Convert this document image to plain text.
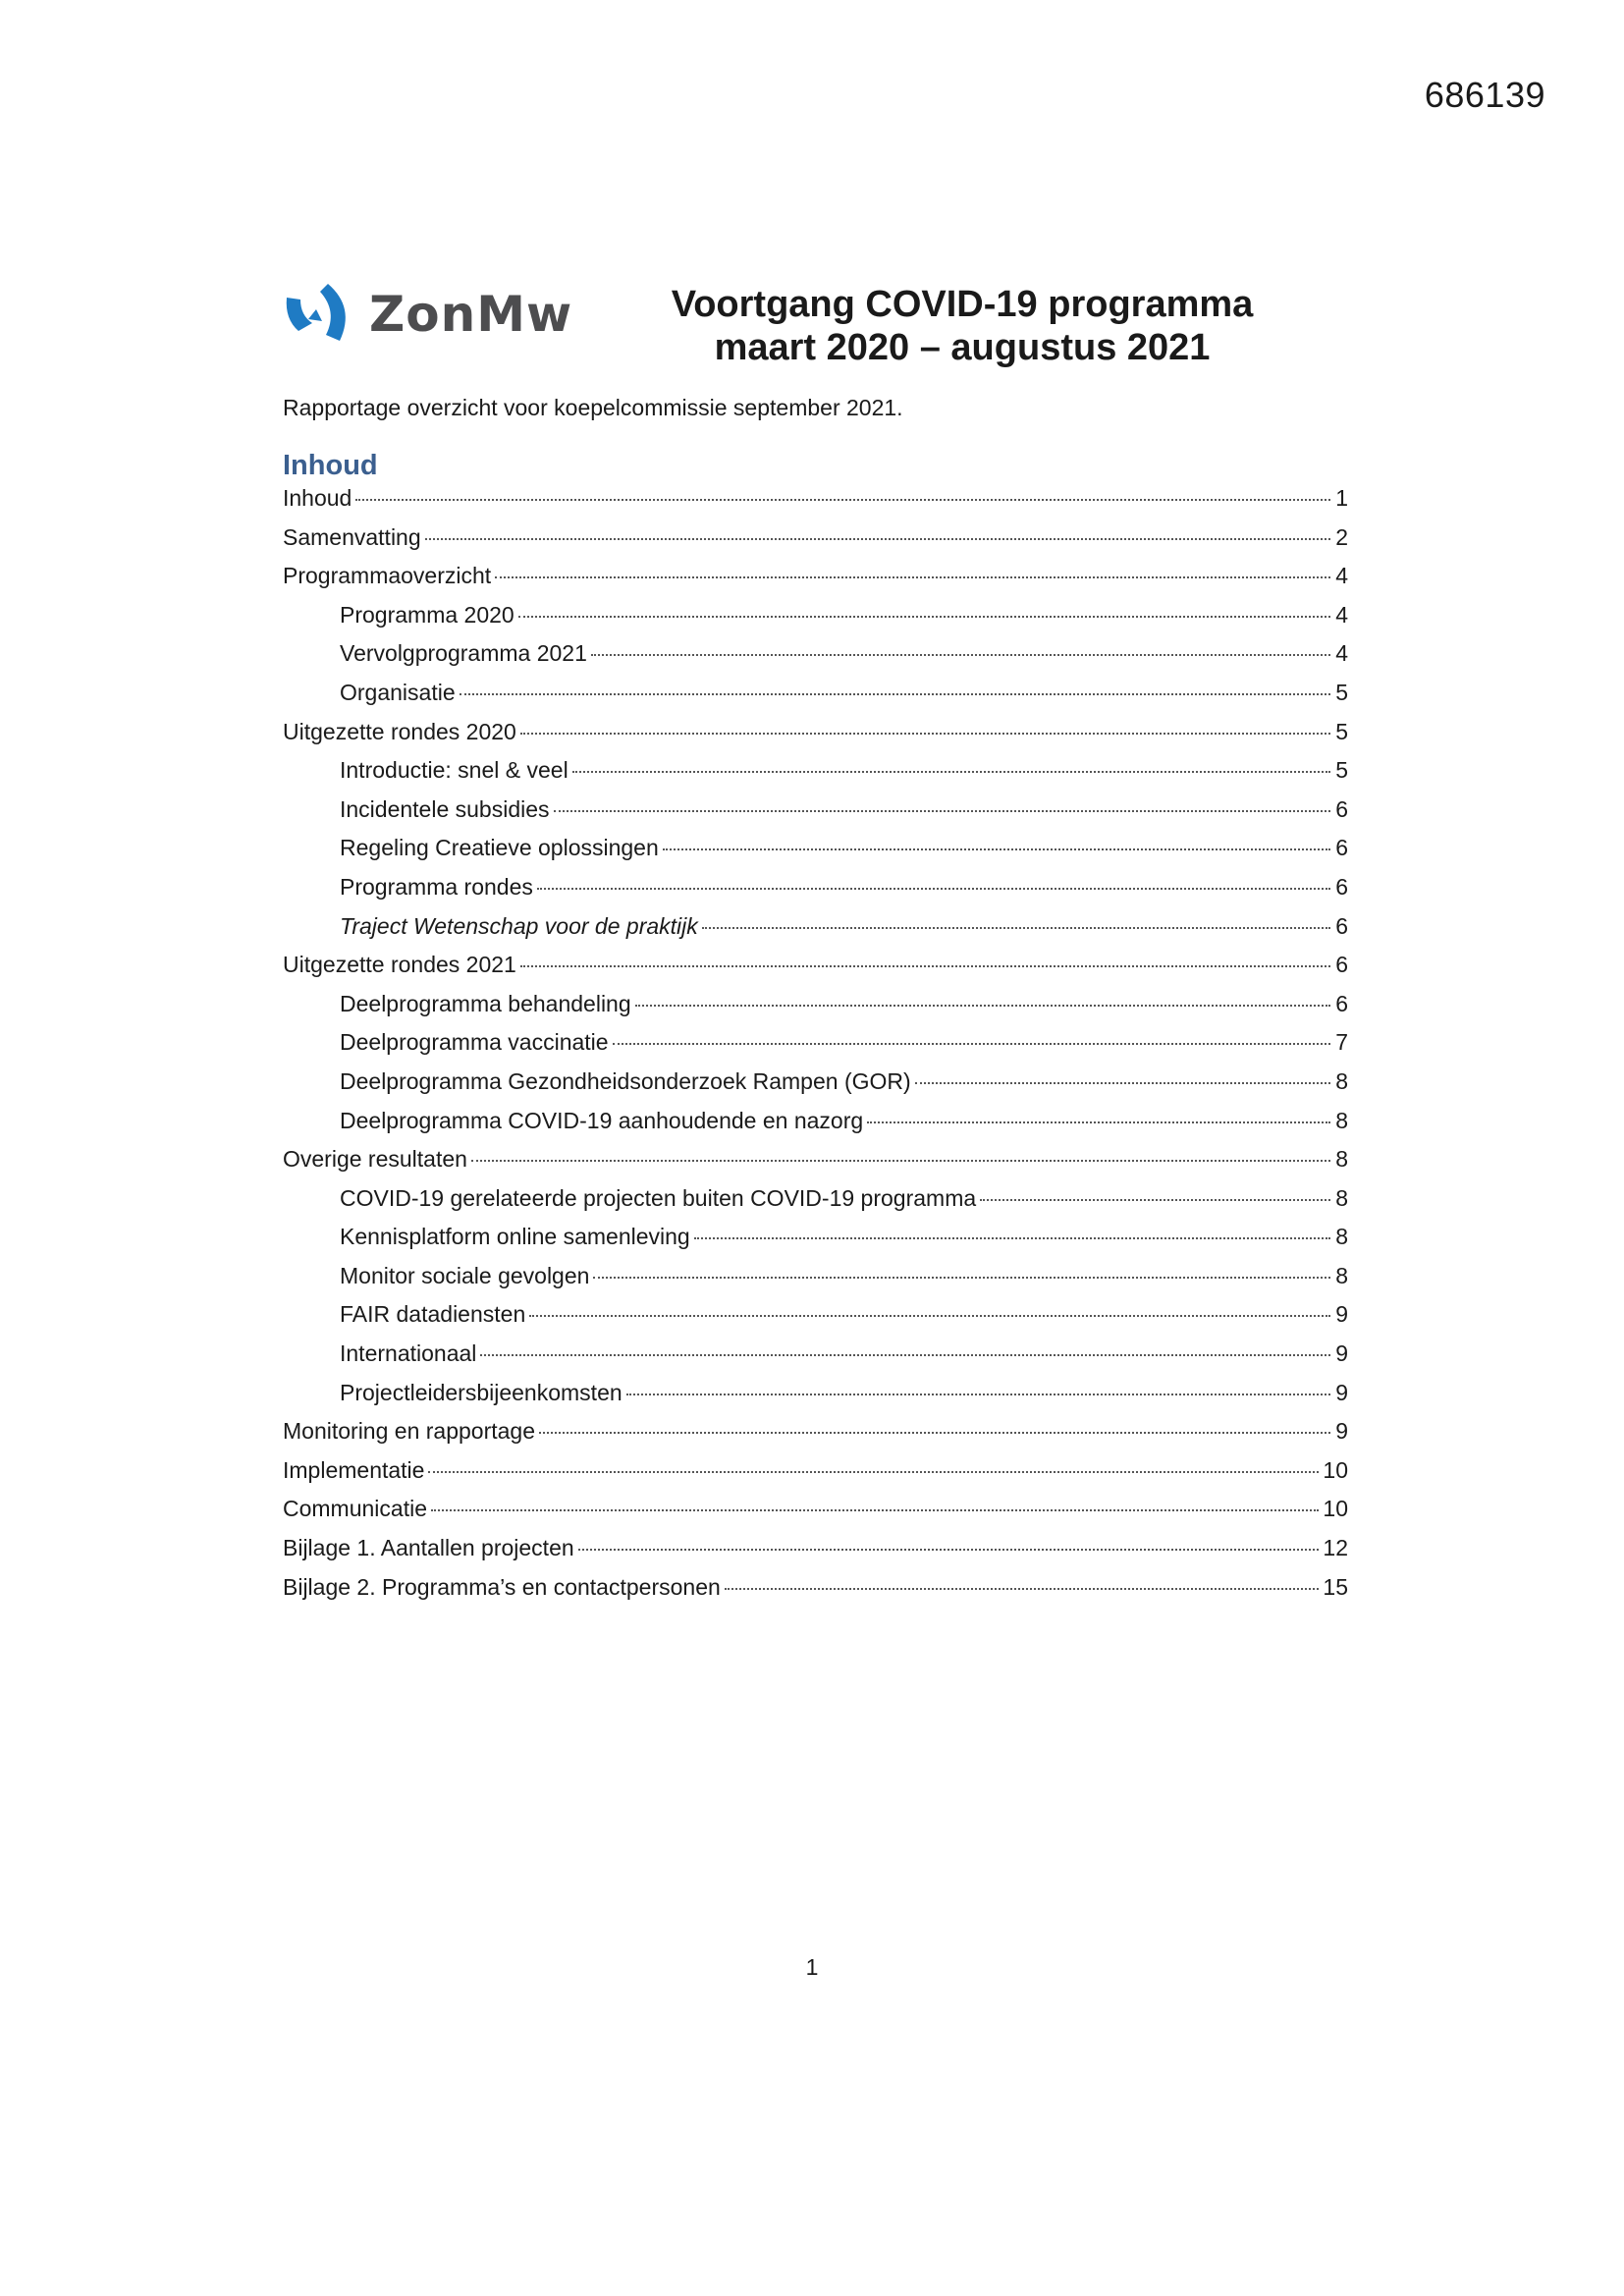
686139
ZonMw	Voortgang COVID-19 programma
maart 2020 – augustus 2021
Rapportage overzicht voor koepelcommissie september 2021.
Inhoud
Inhoud	1
Samenvatting	2
Programmaoverzicht	4
Programma 2020	4
Vervolgprogramma 2021	4
Organisatie	5
Uitgezette rondes 2020	5
Introductie: snel & veel	5
Incidentele subsidies	6
Regeling Creatieve oplossingen	6
Programma rondes	6
Traject Wetenschap voor de praktijk	6
Uitgezette rondes 2021	6
Deelprogramma behandeling	6
Deelprogramma vaccinatie	7
Deelprogramma Gezondheidsonderzoek Rampen (GOR)	8
Deelprogramma COVID-19 aanhoudende en nazorg	8
Overige resultaten	8
COVID-19 gerelateerde projecten buiten COVID-19 programma	8
Kennisplatform online samenleving	8
Monitor sociale gevolgen	8
FAIR datadiensten	9
Internationaal	9
Projectleidersbijeenkomsten	9
Monitoring en rapportage	9
Implementatie	10
Communicatie	10
Bijlage 1. Aantallen projecten	12
Bijlage 2. Programma’s en contactpersonen	15
1
